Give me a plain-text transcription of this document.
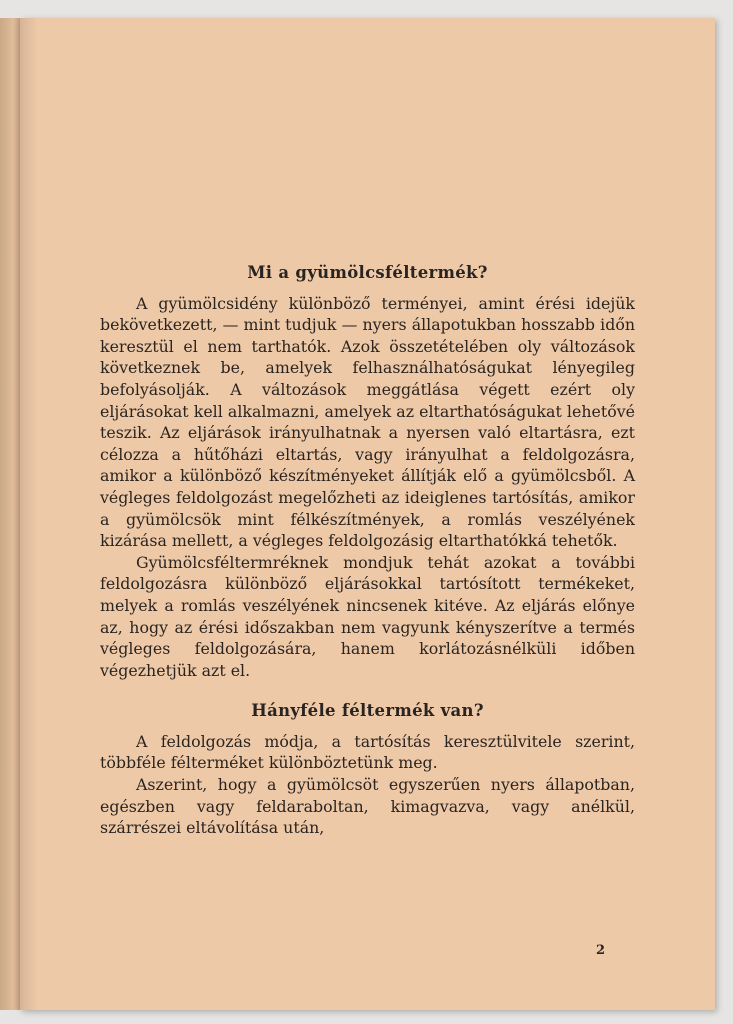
2
Mi a gyümölcsféltermék?

A gyümölcsidény különböző terményei, amint érési idejük bekövetkezett, — mint tudjuk — nyers állapotukban hosszabb időn keresztül el nem tarthatók. Azok összetételében oly változások következnek be, amelyek felhasználhatóságukat lényegileg befolyásolják. A változások meggátlása végett ezért oly eljárásokat kell alkalmazni, amelyek az eltarthatóságukat lehetővé teszik. Az eljárások irányulhatnak a nyersen való eltartásra, ezt célozza a hűtőházi eltartás, vagy irányulhat a feldolgozásra, amikor a különböző készítményeket állítják elő a gyümölcsből. A végleges feldolgozást megelőzheti az ideiglenes tartósítás, amikor a gyümölcsök mint félkészítmények, a romlás veszélyének kizárása mellett, a végleges feldolgozásig eltarthatókká tehetők.

Gyümölcsféltermréknek mondjuk tehát azokat a további feldolgozásra különböző eljárásokkal tartósított termékeket, melyek a romlás veszélyének nincsenek kitéve. Az eljárás előnye az, hogy az érési időszakban nem vagyunk kényszerítve a termés végleges feldolgozására, hanem korlátozásnélküli időben végezhetjük azt el.

Hányféle féltermék van?

A feldolgozás módja, a tartósítás keresztülvitele szerint, többféle félterméket különböztetünk meg.

Aszerint, hogy a gyümölcsöt egyszerűen nyers állapotban, egészben vagy feldaraboltan, kimagvazva, vagy anélkül, szárrészei eltávolítása után,
